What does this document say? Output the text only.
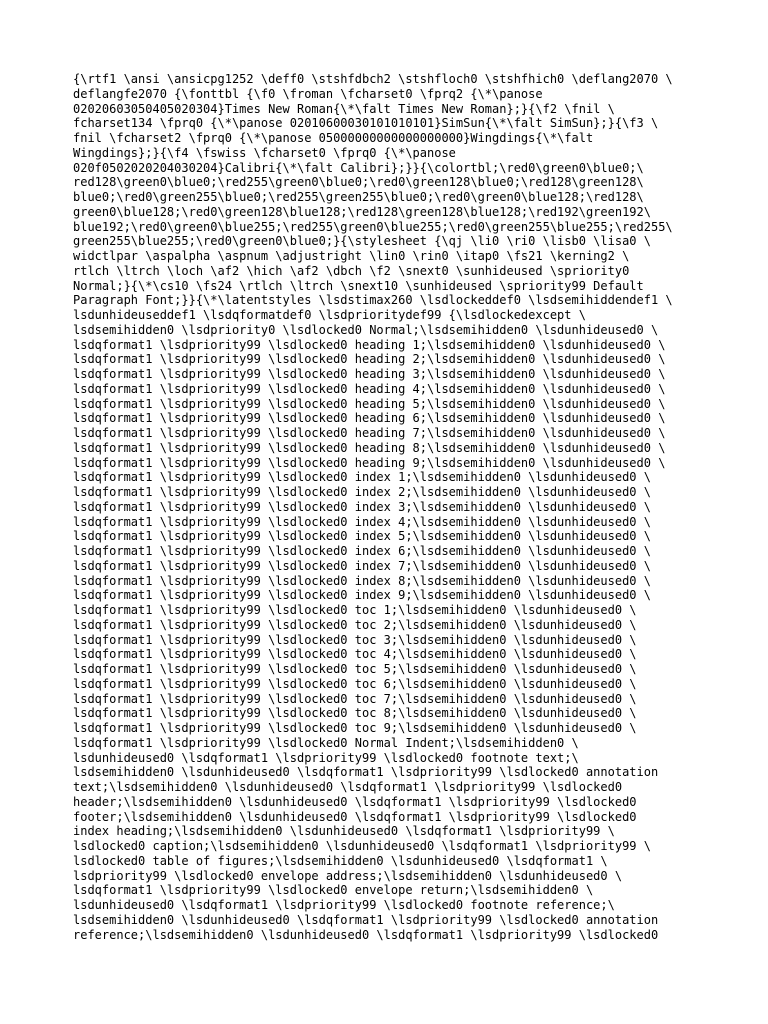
{\rtf1 \ansi \ansicpg1252 \deff0 \stshfdbch2 \stshfloch0 \stshfhich0 \deflang2070 \
deflangfe2070 {\fonttbl {\f0 \froman \fcharset0 \fprq2 {\*\panose
02020603050405020304}Times New Roman{\*\falt Times New Roman};}{\f2 \fnil \
fcharset134 \fprq0 {\*\panose 02010600030101010101}SimSun{\*\falt SimSun};}{\f3 \
fnil \fcharset2 \fprq0 {\*\panose 05000000000000000000}Wingdings{\*\falt
Wingdings};}{\f4 \fswiss \fcharset0 \fprq0 {\*\panose
020f0502020204030204}Calibri{\*\falt Calibri};}}{\colortbl;\red0\green0\blue0;\
red128\green0\blue0;\red255\green0\blue0;\red0\green128\blue0;\red128\green128\
blue0;\red0\green255\blue0;\red255\green255\blue0;\red0\green0\blue128;\red128\
green0\blue128;\red0\green128\blue128;\red128\green128\blue128;\red192\green192\
blue192;\red0\green0\blue255;\red255\green0\blue255;\red0\green255\blue255;\red255\
green255\blue255;\red0\green0\blue0;}{\stylesheet {\qj \li0 \ri0 \lisb0 \lisa0 \
widctlpar \aspalpha \aspnum \adjustright \lin0 \rin0 \itap0 \fs21 \kerning2 \
rtlch \ltrch \loch \af2 \hich \af2 \dbch \f2 \snext0 \sunhideused \spriority0
Normal;}{\*\cs10 \fs24 \rtlch \ltrch \snext10 \sunhideused \spriority99 Default
Paragraph Font;}}{\*\latentstyles \lsdstimax260 \lsdlockeddef0 \lsdsemihiddendef1 \
lsdunhideuseddef1 \lsdqformatdef0 \lsdprioritydef99 {\lsdlockedexcept \
lsdsemihidden0 \lsdpriority0 \lsdlocked0 Normal;\lsdsemihidden0 \lsdunhideused0 \
lsdqformat1 \lsdpriority99 \lsdlocked0 heading 1;\lsdsemihidden0 \lsdunhideused0 \
lsdqformat1 \lsdpriority99 \lsdlocked0 heading 2;\lsdsemihidden0 \lsdunhideused0 \
lsdqformat1 \lsdpriority99 \lsdlocked0 heading 3;\lsdsemihidden0 \lsdunhideused0 \
lsdqformat1 \lsdpriority99 \lsdlocked0 heading 4;\lsdsemihidden0 \lsdunhideused0 \
lsdqformat1 \lsdpriority99 \lsdlocked0 heading 5;\lsdsemihidden0 \lsdunhideused0 \
lsdqformat1 \lsdpriority99 \lsdlocked0 heading 6;\lsdsemihidden0 \lsdunhideused0 \
lsdqformat1 \lsdpriority99 \lsdlocked0 heading 7;\lsdsemihidden0 \lsdunhideused0 \
lsdqformat1 \lsdpriority99 \lsdlocked0 heading 8;\lsdsemihidden0 \lsdunhideused0 \
lsdqformat1 \lsdpriority99 \lsdlocked0 heading 9;\lsdsemihidden0 \lsdunhideused0 \
lsdqformat1 \lsdpriority99 \lsdlocked0 index 1;\lsdsemihidden0 \lsdunhideused0 \
lsdqformat1 \lsdpriority99 \lsdlocked0 index 2;\lsdsemihidden0 \lsdunhideused0 \
lsdqformat1 \lsdpriority99 \lsdlocked0 index 3;\lsdsemihidden0 \lsdunhideused0 \
lsdqformat1 \lsdpriority99 \lsdlocked0 index 4;\lsdsemihidden0 \lsdunhideused0 \
lsdqformat1 \lsdpriority99 \lsdlocked0 index 5;\lsdsemihidden0 \lsdunhideused0 \
lsdqformat1 \lsdpriority99 \lsdlocked0 index 6;\lsdsemihidden0 \lsdunhideused0 \
lsdqformat1 \lsdpriority99 \lsdlocked0 index 7;\lsdsemihidden0 \lsdunhideused0 \
lsdqformat1 \lsdpriority99 \lsdlocked0 index 8;\lsdsemihidden0 \lsdunhideused0 \
lsdqformat1 \lsdpriority99 \lsdlocked0 index 9;\lsdsemihidden0 \lsdunhideused0 \
lsdqformat1 \lsdpriority99 \lsdlocked0 toc 1;\lsdsemihidden0 \lsdunhideused0 \
lsdqformat1 \lsdpriority99 \lsdlocked0 toc 2;\lsdsemihidden0 \lsdunhideused0 \
lsdqformat1 \lsdpriority99 \lsdlocked0 toc 3;\lsdsemihidden0 \lsdunhideused0 \
lsdqformat1 \lsdpriority99 \lsdlocked0 toc 4;\lsdsemihidden0 \lsdunhideused0 \
lsdqformat1 \lsdpriority99 \lsdlocked0 toc 5;\lsdsemihidden0 \lsdunhideused0 \
lsdqformat1 \lsdpriority99 \lsdlocked0 toc 6;\lsdsemihidden0 \lsdunhideused0 \
lsdqformat1 \lsdpriority99 \lsdlocked0 toc 7;\lsdsemihidden0 \lsdunhideused0 \
lsdqformat1 \lsdpriority99 \lsdlocked0 toc 8;\lsdsemihidden0 \lsdunhideused0 \
lsdqformat1 \lsdpriority99 \lsdlocked0 toc 9;\lsdsemihidden0 \lsdunhideused0 \
lsdqformat1 \lsdpriority99 \lsdlocked0 Normal Indent;\lsdsemihidden0 \
lsdunhideused0 \lsdqformat1 \lsdpriority99 \lsdlocked0 footnote text;\
lsdsemihidden0 \lsdunhideused0 \lsdqformat1 \lsdpriority99 \lsdlocked0 annotation
text;\lsdsemihidden0 \lsdunhideused0 \lsdqformat1 \lsdpriority99 \lsdlocked0
header;\lsdsemihidden0 \lsdunhideused0 \lsdqformat1 \lsdpriority99 \lsdlocked0
footer;\lsdsemihidden0 \lsdunhideused0 \lsdqformat1 \lsdpriority99 \lsdlocked0
index heading;\lsdsemihidden0 \lsdunhideused0 \lsdqformat1 \lsdpriority99 \
lsdlocked0 caption;\lsdsemihidden0 \lsdunhideused0 \lsdqformat1 \lsdpriority99 \
lsdlocked0 table of figures;\lsdsemihidden0 \lsdunhideused0 \lsdqformat1 \
lsdpriority99 \lsdlocked0 envelope address;\lsdsemihidden0 \lsdunhideused0 \
lsdqformat1 \lsdpriority99 \lsdlocked0 envelope return;\lsdsemihidden0 \
lsdunhideused0 \lsdqformat1 \lsdpriority99 \lsdlocked0 footnote reference;\
lsdsemihidden0 \lsdunhideused0 \lsdqformat1 \lsdpriority99 \lsdlocked0 annotation
reference;\lsdsemihidden0 \lsdunhideused0 \lsdqformat1 \lsdpriority99 \lsdlocked0
